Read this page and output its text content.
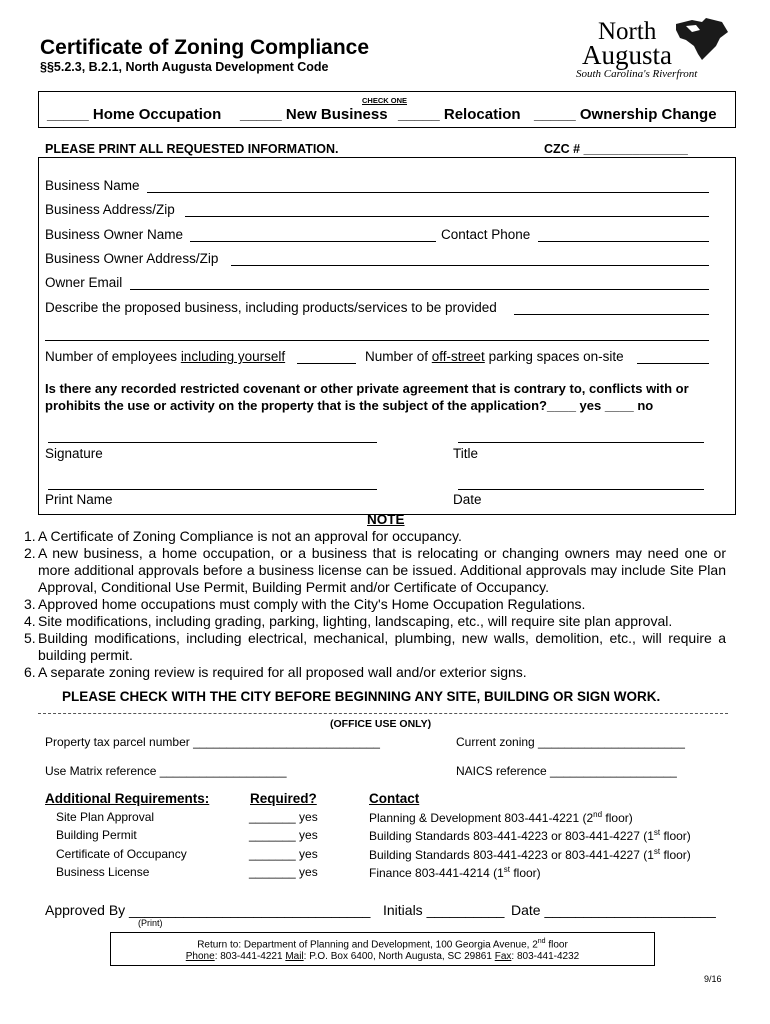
Certificate of Zoning Compliance
§§5.2.3, B.2.1, North Augusta Development Code
North
Augusta
South Carolina's Riverfront
CHECK ONE
_____ Home Occupation _____ New Business _____ Relocation _____ Ownership Change
PLEASE PRINT ALL REQUESTED INFORMATION.	CZC # _______________
Business Name
Business Address/Zip
Business Owner Name	Contact Phone
Business Owner Address/Zip
Owner Email
Describe the proposed business, including products/services to be provided
Number of employees including yourself	Number of off-street parking spaces on-site
Is there any recorded restricted covenant or other private agreement that is contrary to, conflicts with or prohibits the use or activity on the property that is the subject of the application?____ yes ____ no
Signature	Title
Print Name	Date
NOTE
1. A Certificate of Zoning Compliance is not an approval for occupancy.
2. A new business, a home occupation, or a business that is relocating or changing owners may need one or more additional approvals before a business license can be issued. Additional approvals may include Site Plan Approval, Conditional Use Permit, Building Permit and/or Certificate of Occupancy.
3. Approved home occupations must comply with the City's Home Occupation Regulations.
4. Site modifications, including grading, parking, lighting, landscaping, etc., will require site plan approval.
5. Building modifications, including electrical, mechanical, plumbing, new walls, demolition, etc., will require a building permit.
6. A separate zoning review is required for all proposed wall and/or exterior signs.
PLEASE CHECK WITH THE CITY BEFORE BEGINNING ANY SITE, BUILDING OR SIGN WORK.
(OFFICE USE ONLY)
Property tax parcel number ____________________________	Current zoning ______________________
Use Matrix reference ___________________	NAICS reference ___________________
Additional Requirements:	Required?	Contact
Site Plan Approval	_______ yes	Planning & Development 803-441-4221 (2nd floor)
Building Permit	_______ yes	Building Standards 803-441-4223 or 803-441-4227 (1st floor)
Certificate of Occupancy	_______ yes	Building Standards 803-441-4223 or 803-441-4227 (1st floor)
Business License	_______ yes	Finance 803-441-4214 (1st floor)
Approved By _______________________________
(Print)
Initials __________ Date ______________________
Return to: Department of Planning and Development, 100 Georgia Avenue, 2nd floor
Phone: 803-441-4221 Mail: P.O. Box 6400, North Augusta, SC 29861 Fax: 803-441-4232
9/16
